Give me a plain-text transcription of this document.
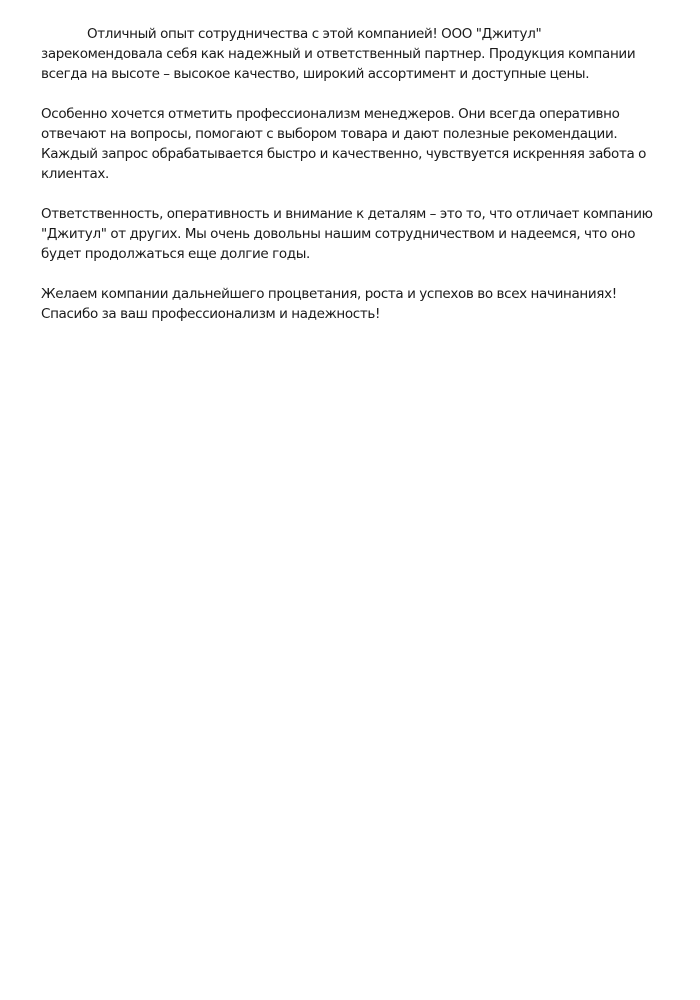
Отличный опыт сотрудничества с этой компанией! ООО "Джитул"
зарекомендовала себя как надежный и ответственный партнер. Продукция компании
всегда на высоте – высокое качество, широкий ассортимент и доступные цены.

Особенно хочется отметить профессионализм менеджеров. Они всегда оперативно
отвечают на вопросы, помогают с выбором товара и дают полезные рекомендации.
Каждый запрос обрабатывается быстро и качественно, чувствуется искренняя забота о
клиентах.

Ответственность, оперативность и внимание к деталям – это то, что отличает компанию
"Джитул" от других. Мы очень довольны нашим сотрудничеством и надеемся, что оно
будет продолжаться еще долгие годы.

Желаем компании дальнейшего процветания, роста и успехов во всех начинаниях!
Спасибо за ваш профессионализм и надежность!
